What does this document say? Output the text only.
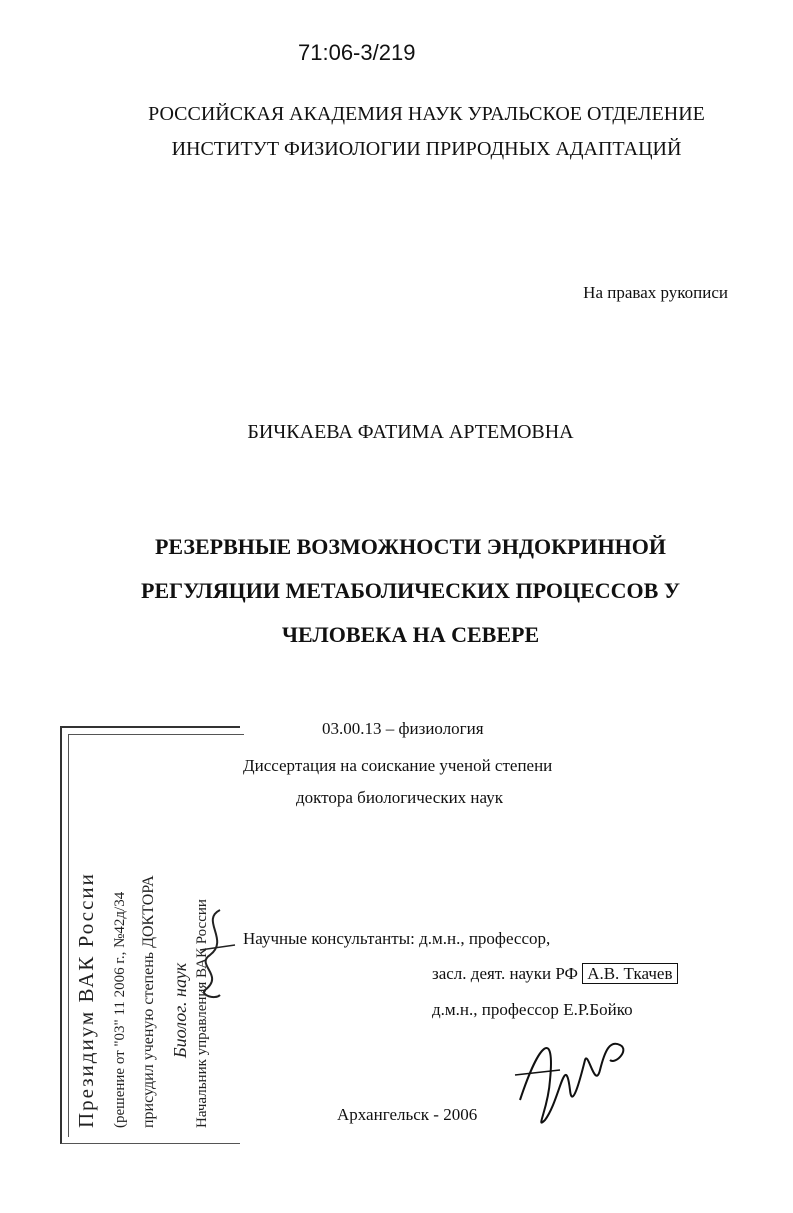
71:06-3/219
РОССИЙСКАЯ АКАДЕМИЯ НАУК УРАЛЬСКОЕ ОТДЕЛЕНИЕ
ИНСТИТУТ ФИЗИОЛОГИИ ПРИРОДНЫХ АДАПТАЦИЙ
На правах рукописи
БИЧКАЕВА ФАТИМА АРТЕМОВНА
РЕЗЕРВНЫЕ ВОЗМОЖНОСТИ ЭНДОКРИННОЙ
РЕГУЛЯЦИИ МЕТАБОЛИЧЕСКИХ ПРОЦЕССОВ У
ЧЕЛОВЕКА НА СЕВЕРЕ
03.00.13 – физиология
Диссертация на соискание ученой степени
доктора биологических наук
Научные консультанты: д.м.н., профессор,
засл. деят. науки РФ А.В. Ткачев
д.м.н., профессор Е.Р.Бойко
Архангельск - 2006
Президиум ВАК России (решение от "03" 11 2006 г., №42д/34 присудил ученую степень ДОКТОРА Биолог. наук Начальник управления ВАК России
